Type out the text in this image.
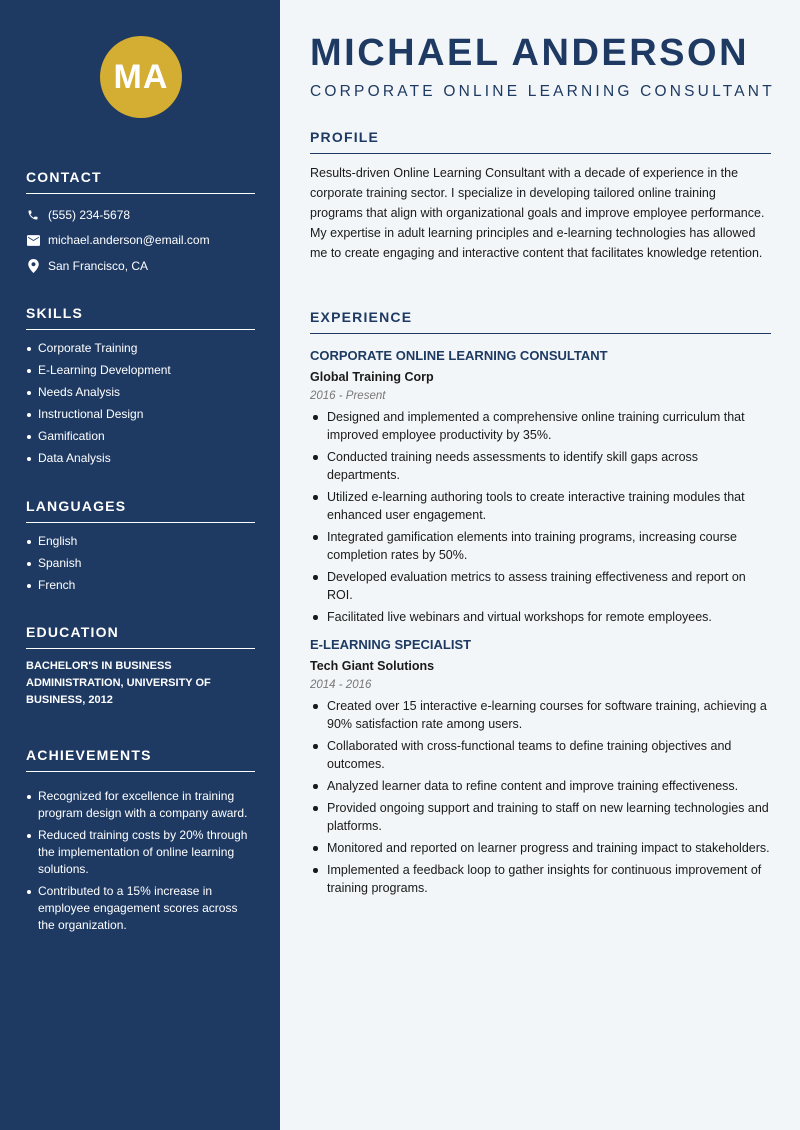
MA
CONTACT
(555) 234-5678
michael.anderson@email.com
San Francisco, CA
SKILLS
Corporate Training
E-Learning Development
Needs Analysis
Instructional Design
Gamification
Data Analysis
LANGUAGES
English
Spanish
French
EDUCATION
BACHELOR'S IN BUSINESS ADMINISTRATION, UNIVERSITY OF BUSINESS, 2012
ACHIEVEMENTS
Recognized for excellence in training program design with a company award.
Reduced training costs by 20% through the implementation of online learning solutions.
Contributed to a 15% increase in employee engagement scores across the organization.
MICHAEL ANDERSON
CORPORATE ONLINE LEARNING CONSULTANT
PROFILE

Results-driven Online Learning Consultant with a decade of experience in the corporate training sector. I specialize in developing tailored online training programs that align with organizational goals and improve employee performance. My expertise in adult learning principles and e-learning technologies has allowed me to create engaging and interactive content that facilitates knowledge retention.

EXPERIENCE
CORPORATE ONLINE LEARNING CONSULTANT
Global Training Corp
2016 - Present
Designed and implemented a comprehensive online training curriculum that improved employee productivity by 35%.
Conducted training needs assessments to identify skill gaps across departments.
Utilized e-learning authoring tools to create interactive training modules that enhanced user engagement.
Integrated gamification elements into training programs, increasing course completion rates by 50%.
Developed evaluation metrics to assess training effectiveness and report on ROI.
Facilitated live webinars and virtual workshops for remote employees.
E-LEARNING SPECIALIST
Tech Giant Solutions
2014 - 2016
Created over 15 interactive e-learning courses for software training, achieving a 90% satisfaction rate among users.
Collaborated with cross-functional teams to define training objectives and outcomes.
Analyzed learner data to refine content and improve training effectiveness.
Provided ongoing support and training to staff on new learning technologies and platforms.
Monitored and reported on learner progress and training impact to stakeholders.
Implemented a feedback loop to gather insights for continuous improvement of training programs.
